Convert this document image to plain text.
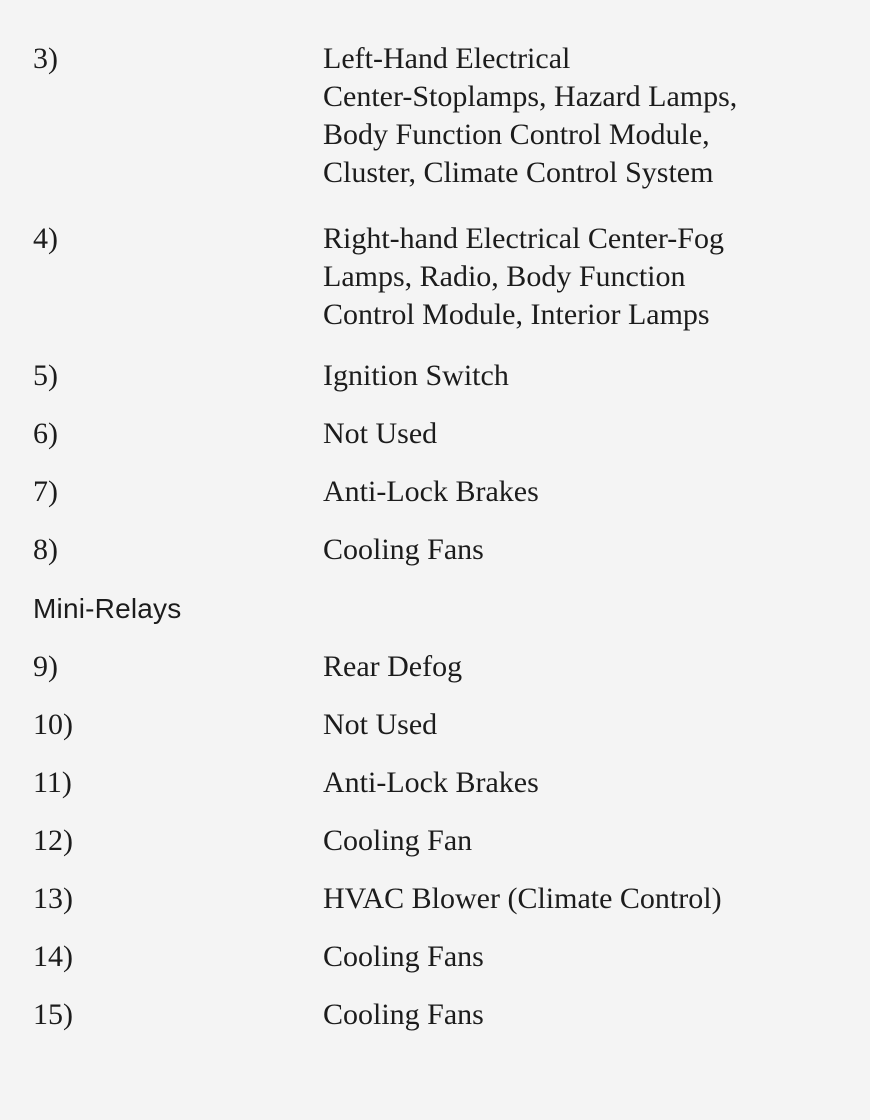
3)	Left-Hand Electrical
Center-Stoplamps, Hazard Lamps,
Body Function Control Module,
Cluster, Climate Control System
4)	Right-hand Electrical Center-Fog
Lamps, Radio, Body Function
Control Module, Interior Lamps
5)	Ignition Switch
6)	Not Used
7)	Anti-Lock Brakes
8)	Cooling Fans
Mini-Relays
9)	Rear Defog
10)	Not Used
11)	Anti-Lock Brakes
12)	Cooling Fan
13)	HVAC Blower (Climate Control)
14)	Cooling Fans
15)	Cooling Fans
